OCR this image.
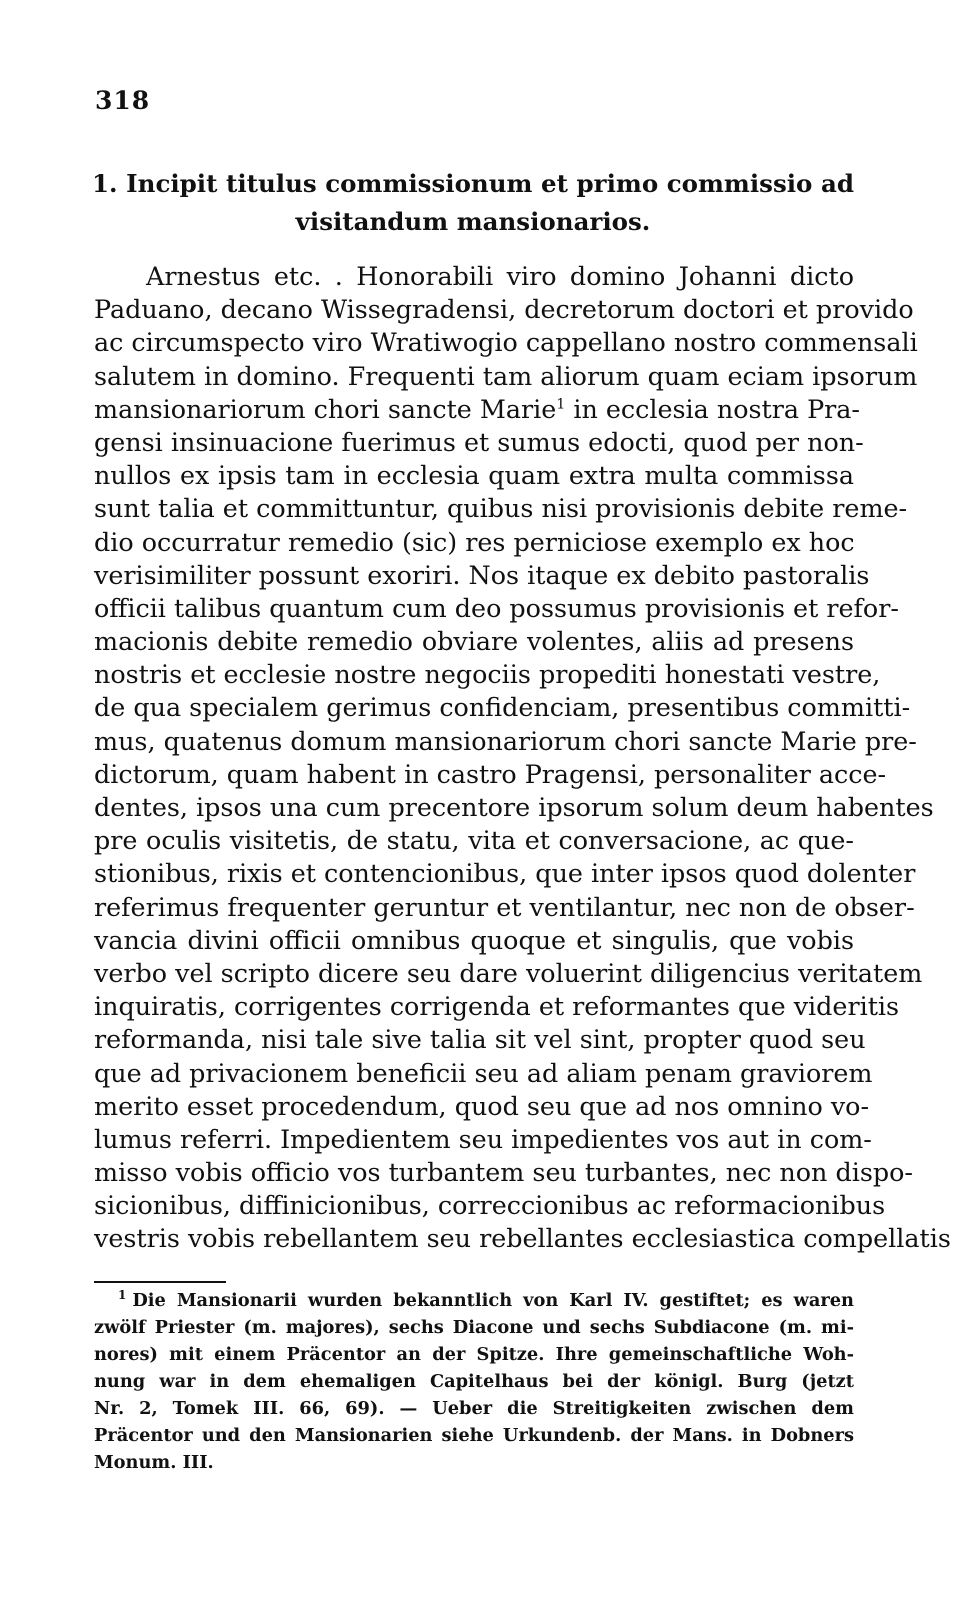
318
1. Incipit titulus commissionum et primo commissio ad
visitandum mansionarios.
Arnestus etc. . Honorabili viro domino Johanni dicto
Paduano, decano Wissegradensi, decretorum doctori et provido
ac circumspecto viro Wratiwogio cappellano nostro commensali
salutem in domino. Frequenti tam aliorum quam eciam ipsorum
mansionariorum chori sancte Marie$^1$ in ecclesia nostra Pra-
gensi insinuacione fuerimus et sumus edocti, quod per non-
nullos ex ipsis tam in ecclesia quam extra multa commissa
sunt talia et committuntur, quibus nisi provisionis debite reme-
dio occurratur remedio (sic) res perniciose exemplo ex hoc
verisimiliter possunt exoriri. Nos itaque ex debito pastoralis
officii talibus quantum cum deo possumus provisionis et refor-
macionis debite remedio obviare volentes, aliis ad presens
nostris et ecclesie nostre negociis propediti honestati vestre,
de qua specialem gerimus confidenciam, presentibus committi-
mus, quatenus domum mansionariorum chori sancte Marie pre-
dictorum, quam habent in castro Pragensi, personaliter acce-
dentes, ipsos una cum precentore ipsorum solum deum habentes
pre oculis visitetis, de statu, vita et conversacione, ac que-
stionibus, rixis et contencionibus, que inter ipsos quod dolenter
referimus frequenter geruntur et ventilantur, nec non de obser-
vancia divini officii omnibus quoque et singulis, que vobis
verbo vel scripto dicere seu dare voluerint diligencius veritatem
inquiratis, corrigentes corrigenda et reformantes que videritis
reformanda, nisi tale sive talia sit vel sint, propter quod seu
que ad privacionem beneficii seu ad aliam penam graviorem
merito esset procedendum, quod seu que ad nos omnino vo-
lumus referri. Impedientem seu impedientes vos aut in com-
misso vobis officio vos turbantem seu turbantes, nec non dispo-
sicionibus, diffinicionibus, correccionibus ac reformacionibus
vestris vobis rebellantem seu rebellantes ecclesiastica compellatis
$^1$ Die Mansionarii wurden bekanntlich von Karl IV. gestiftet; es waren
zwölf Priester (m. majores), sechs Diacone und sechs Subdiacone (m. mi-
nores) mit einem Präcentor an der Spitze. Ihre gemeinschaftliche Woh-
nung war in dem ehemaligen Capitelhaus bei der königl. Burg (jetzt
Nr. 2, Tomek III. 66, 69). — Ueber die Streitigkeiten zwischen dem
Präcentor und den Mansionarien siehe Urkundenb. der Mans. in Dobners
Monum. III.
